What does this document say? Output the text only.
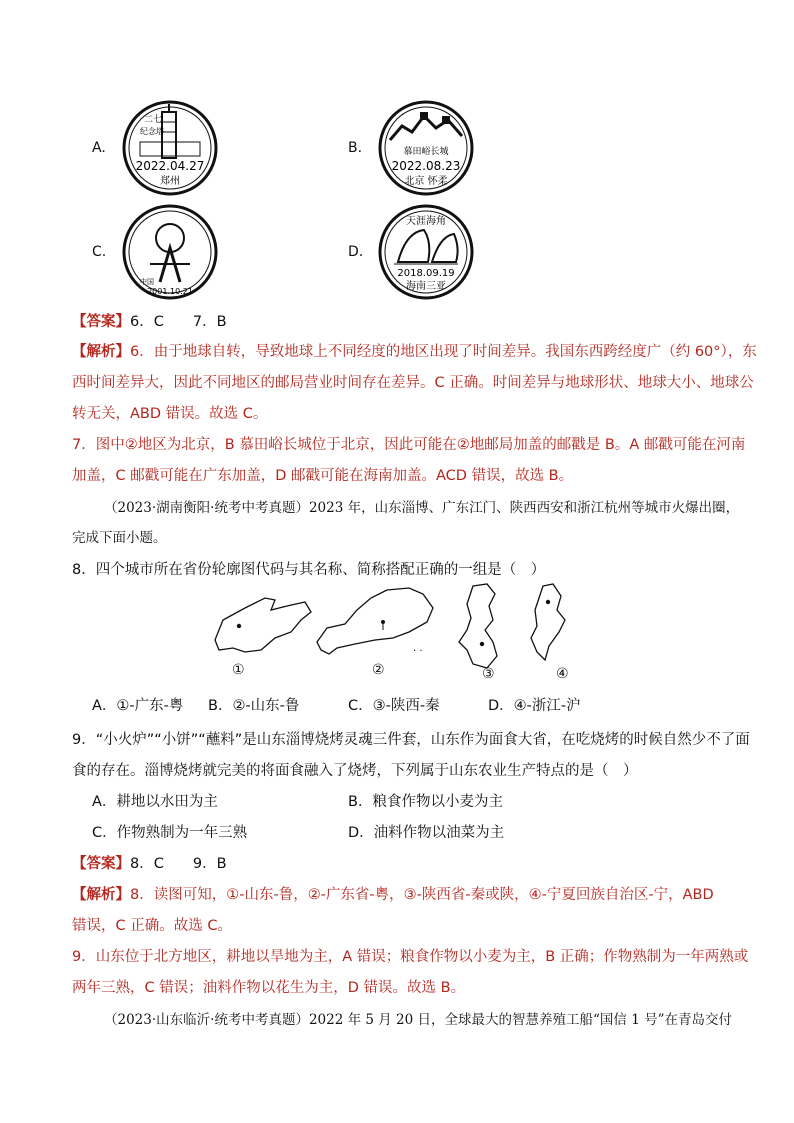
A.
二七
纪念塔
2022.04.27
郑州
B.	慕田峪长城
2022.08.23
北京 怀柔
C.
2001.10.21
中国
D.
天涯海角
2018.09.19
海南三亚
【答案】6．C　　7．B
【解析】6．由于地球自转，导致地球上不同经度的地区出现了时间差异。我国东西跨经度广（约 60°），东
西时间差异大，因此不同地区的邮局营业时间存在差异。C 正确。时间差异与地球形状、地球大小、地球公
转无关，ABD 错误。故选 C。
7．图中②地区为北京，B 慕田峪长城位于北京，因此可能在②地邮局加盖的邮戳是 B。A 邮戳可能在河南
加盖，C 邮戳可能在广东加盖，D 邮戳可能在海南加盖。ACD 错误，故选 B。
（2023·湖南衡阳·统考中考真题）2023 年，山东淄博、广东江门、陕西西安和浙江杭州等城市火爆出圈，
完成下面小题。
8．四个城市所在省份轮廓图代码与其名称、简称搭配正确的一组是（　）
· ·
①	②	③	④
A．①-广东-粤 B．②-山东-鲁	C．③-陕西-秦	D．④-浙江-沪
9．“小火炉”“小饼”“蘸料”是山东淄博烧烤灵魂三件套，山东作为面食大省，在吃烧烤的时候自然少不了面
食的存在。淄博烧烤就完美的将面食融入了烧烤，下列属于山东农业生产特点的是（　）
A．耕地以水田为主	B．粮食作物以小麦为主
C．作物熟制为一年三熟	D．油料作物以油菜为主
【答案】8．C　　9．B
【解析】8．读图可知，①-山东-鲁，②-广东省-粤，③-陕西省-秦或陕，④-宁夏回族自治区-宁，ABD
错误，C 正确。故选 C。
9．山东位于北方地区，耕地以旱地为主，A 错误；粮食作物以小麦为主，B 正确；作物熟制为一年两熟或
两年三熟，C 错误；油料作物以花生为主，D 错误。故选 B。
（2023·山东临沂·统考中考真题）2022 年 5 月 20 日，全球最大的智慧养殖工船“国信 1 号”在青岛交付
